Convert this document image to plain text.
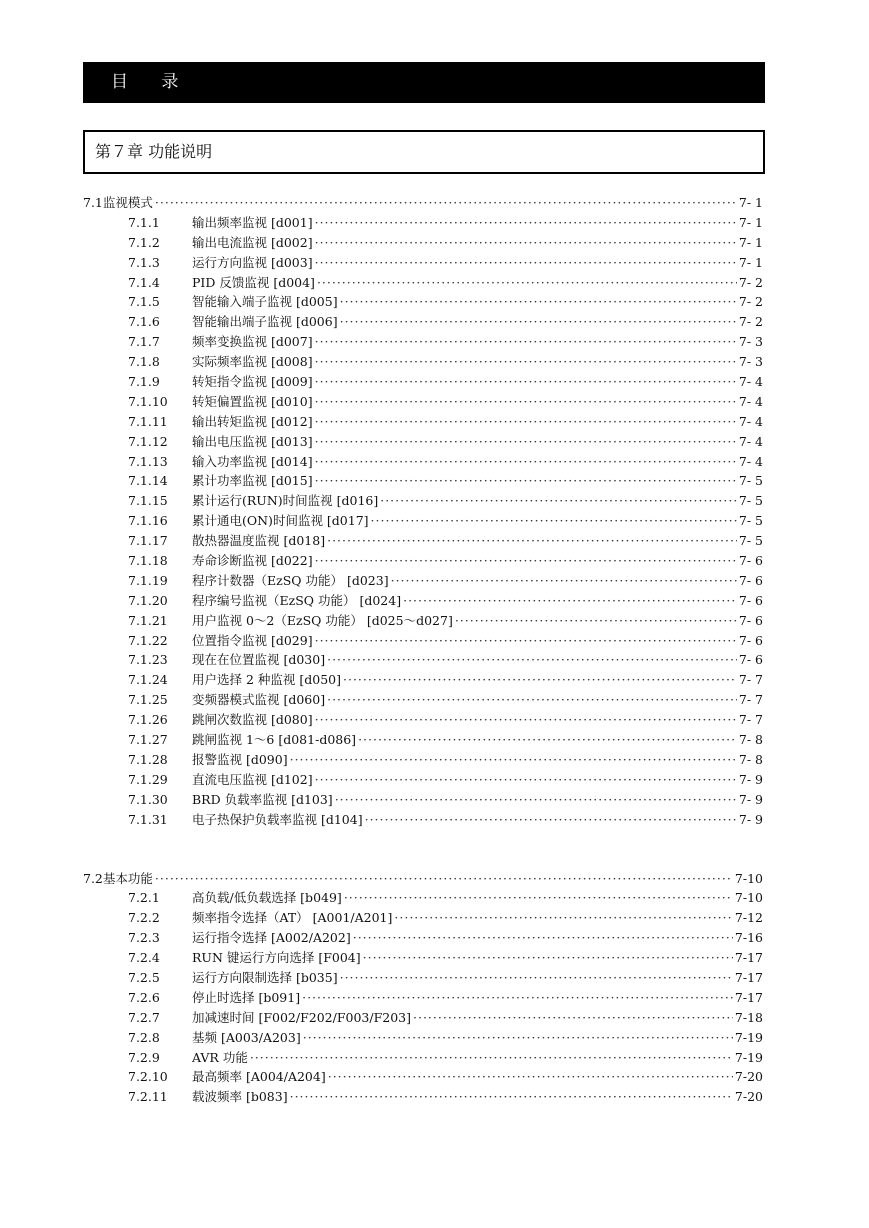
目 录
第７章 功能说明
7.1 监视模式 ·····	7- 1
7.1.1	输出频率监视 [d001] ·····	7- 1
7.1.2	输出电流监视 [d002] ·····	7- 1
7.1.3	运行方向监视 [d003] ·····	7- 1
7.1.4	PID 反馈监视 [d004] ·····	7- 2
7.1.5	智能输入端子监视 [d005] ·····	7- 2
7.1.6	智能输出端子监视 [d006] ·····	7- 2
7.1.7	频率变换监视 [d007] ·····	7- 3
7.1.8	实际频率监视 [d008] ·····	7- 3
7.1.9	转矩指令监视 [d009] ·····	7- 4
7.1.10	转矩偏置监视 [d010] ·····	7- 4
7.1.11	输出转矩监视 [d012] ·····	7- 4
7.1.12	输出电压监视 [d013] ·····	7- 4
7.1.13	输入功率监视 [d014] ·····	7- 4
7.1.14	累计功率监视 [d015] ·····	7- 5
7.1.15	累计运行(RUN)时间监视 [d016] ·····	7- 5
7.1.16	累计通电(ON)时间监视 [d017] ·····	7- 5
7.1.17	散热器温度监视 [d018] ·····	7- 5
7.1.18	寿命诊断监视 [d022] ·····	7- 6
7.1.19	程序计数器（EzSQ 功能） [d023] ·····	7- 6
7.1.20	程序编号监视（EzSQ 功能） [d024] ·····	7- 6
7.1.21	用户监视 0～2（EzSQ 功能） [d025～d027] ·····	7- 6
7.1.22	位置指令监视 [d029] ·····	7- 6
7.1.23	现在在位置监视 [d030] ·····	7- 6
7.1.24	用户选择 2 种监视 [d050] ·····	7- 7
7.1.25	变频器模式监视 [d060] ·····	7- 7
7.1.26	跳闸次数监视 [d080] ·····	7- 7
7.1.27	跳闸监视 1～6 [d081-d086] ·····	7- 8
7.1.28	报警监视 [d090] ·····	7- 8
7.1.29	直流电压监视 [d102] ·····	7- 9
7.1.30	BRD 负载率监视 [d103] ·····	7- 9
7.1.31	电子热保护负载率监视 [d104] ·····	7- 9
7.2 基本功能 ·····	7-10
7.2.1	高负载/低负载选择 [b049] ·····	7-10
7.2.2	频率指令选择（AT） [A001/A201] ·····	7-12
7.2.3	运行指令选择 [A002/A202] ·····	7-16
7.2.4	RUN 键运行方向选择 [F004] ·····	7-17
7.2.5	运行方向限制选择 [b035] ·····	7-17
7.2.6	停止时选择 [b091] ·····	7-17
7.2.7	加减速时间 [F002/F202/F003/F203] ·····	7-18
7.2.8	基频 [A003/A203] ·····	7-19
7.2.9	AVR 功能 ·····	7-19
7.2.10	最高频率 [A004/A204] ·····	7-20
7.2.11	载波频率 [b083] ·····	7-20
